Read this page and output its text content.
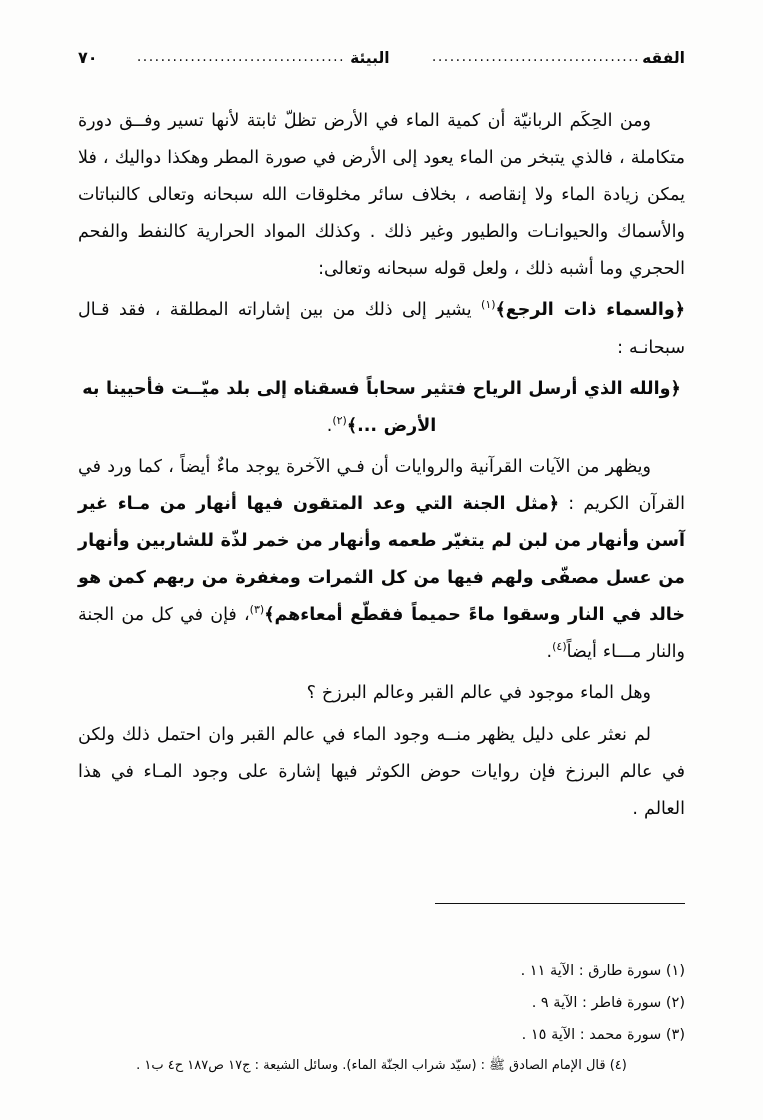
الفقه
...................................
البيئة
...................................
٧٠

ومن الحِكَم الربانيّة أن كمية الماء في الأرض تظلّ ثابتة لأنها تسير وفــق دورة متكاملة ، فالذي يتبخر من الماء يعود إلى الأرض في صورة المطر وهكذا دواليك ، فلا يمكن زيادة الماء ولا إنقاصه ، بخلاف سائر مخلوقات الله سبحانه وتعالى كالنباتات والأسماك والحيوانـات والطيور وغير ذلك . وكذلك المواد الحرارية كالنفط والفحم الحجري وما أشبه ذلك ، ولعل قوله سبحانه وتعالى:

﴿والسماء ذات الرجع﴾$^{(١)}$ يشير إلى ذلك من بين إشاراته المطلقة ، فقد قـال سبحانـه :

﴿والله الذي أرسل الرياح فتثير سحاباً فسقناه إلى بلد ميّــت فأحيينا به الأرض ...﴾$^{(٢)}$.

ويظهر من الآيات القرآنية والروايات أن فـي الآخرة يوجد ماءٌ أيضاً ، كما ورد في القرآن الكريم : ﴿مثل الجنة التي وعد المتقون فيها أنهار من مـاء غير آسن وأنهار من لبن لم يتغيّر طعمه وأنهار من خمر لذّة للشاربين وأنهار من عسل مصفّى ولهم فيها من كل الثمرات ومغفرة من ربهم كمن هو خالد في النار وسقوا ماءً حميماً فقطّع أمعاءهم﴾$^{(٣)}$، فإن في كل من الجنة والنار مـــاء أيضاً$^{(٤)}$.

وهل الماء موجود في عالم القبر وعالم البرزخ ؟

لم نعثر على دليل يظهر منــه وجود الماء في عالم القبر وان احتمل ذلك ولكن في عالم البرزخ فإن روايات حوض الكوثر فيها إشارة على وجود المـاء في هذا العالم .

(١) سورة طارق : الآية ١١ .

(٢) سورة فاطر : الآية ٩ .

(٣) سورة محمد : الآية ١٥ .

(٤) قال الإمام الصادق ﷺ : (سيّد شراب الجنّة الماء). وسائل الشيعة : ج١٧ ص١٨٧ ح٤ ب١ .
